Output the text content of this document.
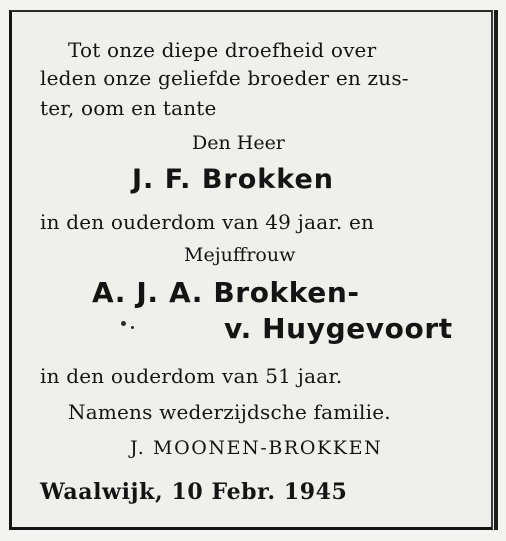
Tot onze diepe droefheid over
leden onze geliefde broeder en zus-
ter, oom en tante
Den Heer
J. F. Brokken
in den ouderdom van 49 jaar. en
Mejuffrouw
A. J. A. Brokken-
v. Huygevoort
in den ouderdom van 51 jaar.
Namens wederzijdsche familie.
J. MOONEN-BROKKEN
Waalwijk, 10 Febr. 1945
